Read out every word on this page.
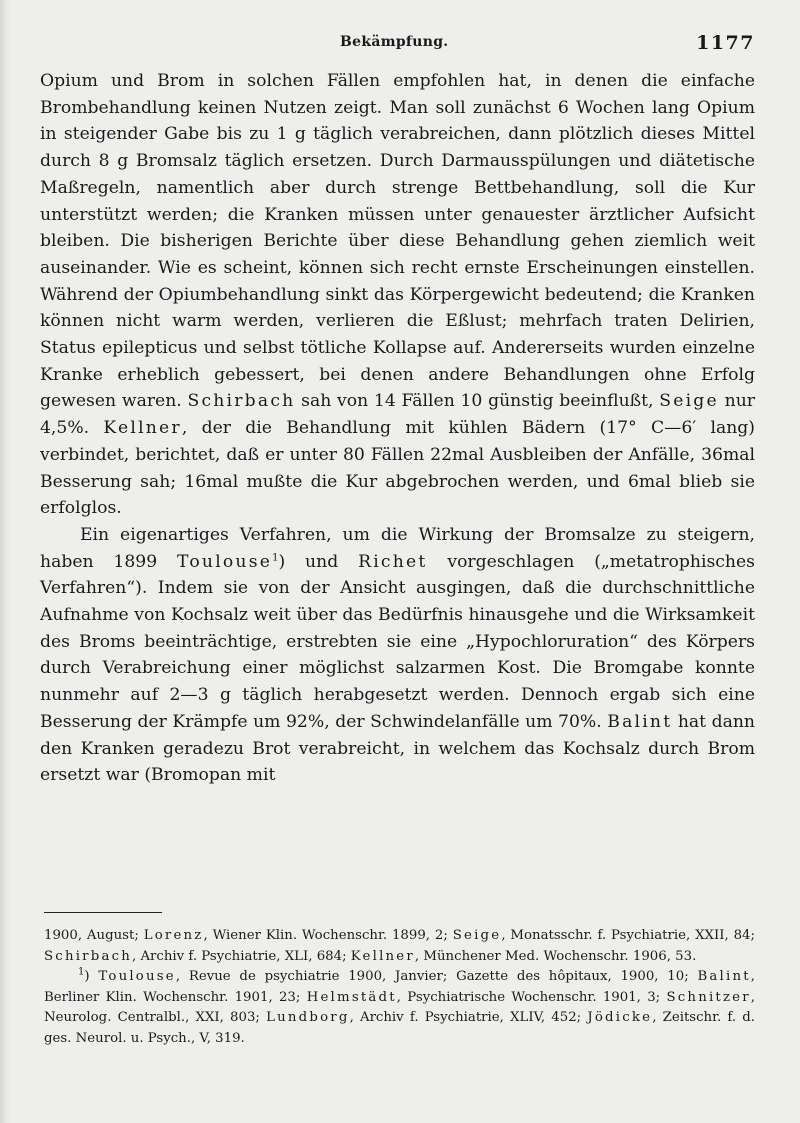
Bekämpfung.	1177

Opium und Brom in solchen Fällen empfohlen hat, in denen die einfache Brombehandlung keinen Nutzen zeigt. Man soll zunächst 6 Wochen lang Opium in steigender Gabe bis zu 1 g täglich verabreichen, dann plötzlich dieses Mittel durch 8 g Bromsalz täglich ersetzen. Durch Darmausspülungen und diätetische Maßregeln, namentlich aber durch strenge Bettbehandlung, soll die Kur unterstützt werden; die Kranken müssen unter genauester ärztlicher Aufsicht bleiben. Die bisherigen Berichte über diese Behandlung gehen ziemlich weit auseinander. Wie es scheint, können sich recht ernste Erscheinungen einstellen. Während der Opiumbehandlung sinkt das Körpergewicht bedeutend; die Kranken können nicht warm werden, verlieren die Eßlust; mehrfach traten Delirien, Status epilepticus und selbst tötliche Kollapse auf. Andererseits wurden einzelne Kranke erheblich gebessert, bei denen andere Behandlungen ohne Erfolg gewesen waren. Schirbach sah von 14 Fällen 10 günstig beeinflußt, Seige nur 4,5%. Kellner, der die Behandlung mit kühlen Bädern (17° C—6′ lang) verbindet, berichtet, daß er unter 80 Fällen 22mal Ausbleiben der Anfälle, 36mal Besserung sah; 16mal mußte die Kur abgebrochen werden, und 6mal blieb sie erfolglos.

Ein eigenartiges Verfahren, um die Wirkung der Bromsalze zu steigern, haben 1899 Toulouse$^1$) und Richet vorgeschlagen („metatrophisches Verfahren“). Indem sie von der Ansicht ausgingen, daß die durchschnittliche Aufnahme von Kochsalz weit über das Bedürfnis hinausgehe und die Wirksamkeit des Broms beeinträchtige, erstrebten sie eine „Hypochloruration“ des Körpers durch Verabreichung einer möglichst salzarmen Kost. Die Bromgabe konnte nunmehr auf 2—3 g täglich herabgesetzt werden. Dennoch ergab sich eine Besserung der Krämpfe um 92%, der Schwindelanfälle um 70%. Balint hat dann den Kranken geradezu Brot verabreicht, in welchem das Kochsalz durch Brom ersetzt war (Bromopan mit

1900, August; Lorenz, Wiener Klin. Wochenschr. 1899, 2; Seige, Monatsschr. f. Psychiatrie, XXII, 84; Schirbach, Archiv f. Psychiatrie, XLI, 684; Kellner, Münchener Med. Wochenschr. 1906, 53.

$^1$) Toulouse, Revue de psychiatrie 1900, Janvier; Gazette des hôpitaux, 1900, 10; Balint, Berliner Klin. Wochenschr. 1901, 23; Helmstädt, Psychiatrische Wochenschr. 1901, 3; Schnitzer, Neurolog. Centralbl., XXI, 803; Lundborg, Archiv f. Psychiatrie, XLIV, 452; Jödicke, Zeitschr. f. d. ges. Neurol. u. Psych., V, 319.
